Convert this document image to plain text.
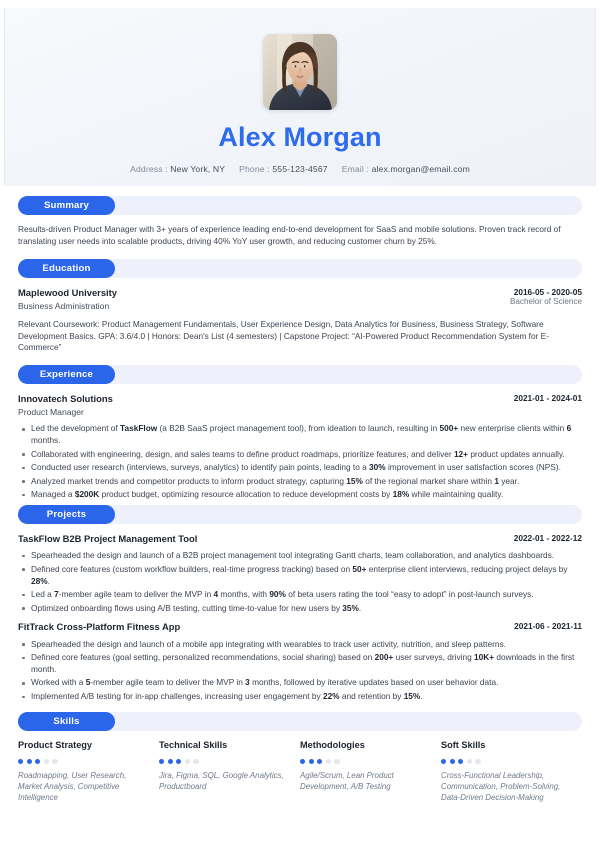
Alex Morgan
Address : New York, NY Phone : 555-123-4567 Email : alex.morgan@email.com
Summary
Results-driven Product Manager with 3+ years of experience leading end-to-end development for SaaS and mobile solutions. Proven track record of translating user needs into scalable products, driving 40% YoY user growth, and reducing customer churn by 25%.
Education
Maplewood University
Business Administration
2016-05 - 2020-05
Bachelor of Science
Relevant Coursework: Product Management Fundamentals, User Experience Design, Data Analytics for Business, Business Strategy, Software Development Basics. GPA: 3.6/4.0 | Honors: Dean's List (4 semesters) | Capstone Project: “AI-Powered Product Recommendation System for E-Commerce”
Experience
Innovatech Solutions
Product Manager
2021-01 - 2024-01
Led the development of TaskFlow (a B2B SaaS project management tool), from ideation to launch, resulting in 500+ new enterprise clients within 6 months.
Collaborated with engineering, design, and sales teams to define product roadmaps, prioritize features, and deliver 12+ product updates annually.
Conducted user research (interviews, surveys, analytics) to identify pain points, leading to a 30% improvement in user satisfaction scores (NPS).
Analyzed market trends and competitor products to inform product strategy, capturing 15% of the regional market share within 1 year.
Managed a $200K product budget, optimizing resource allocation to reduce development costs by 18% while maintaining quality.
Projects
TaskFlow B2B Project Management Tool	2022-01 - 2022-12
Spearheaded the design and launch of a B2B project management tool integrating Gantt charts, team collaboration, and analytics dashboards.
Defined core features (custom workflow builders, real-time progress tracking) based on 50+ enterprise client interviews, reducing project delays by 28%.
Led a 7-member agile team to deliver the MVP in 4 months, with 90% of beta users rating the tool “easy to adopt” in post-launch surveys.
Optimized onboarding flows using A/B testing, cutting time-to-value for new users by 35%.
FitTrack Cross-Platform Fitness App	2021-06 - 2021-11
Spearheaded the design and launch of a mobile app integrating with wearables to track user activity, nutrition, and sleep patterns.
Defined core features (goal setting, personalized recommendations, social sharing) based on 200+ user surveys, driving 10K+ downloads in the first month.
Worked with a 5-member agile team to deliver the MVP in 3 months, followed by iterative updates based on user behavior data.
Implemented A/B testing for in-app challenges, increasing user engagement by 22% and retention by 15%.
Skills
Product Strategy
Roadmapping, User Research, Market Analysis, Competitive Intelligence
Technical Skills
Jira, Figma, SQL, Google Analytics, Productboard
Methodologies
Agile/Scrum, Lean Product Development, A/B Testing
Soft Skills
Cross-Functional Leadership, Communication, Problem-Solving, Data-Driven Decision-Making
